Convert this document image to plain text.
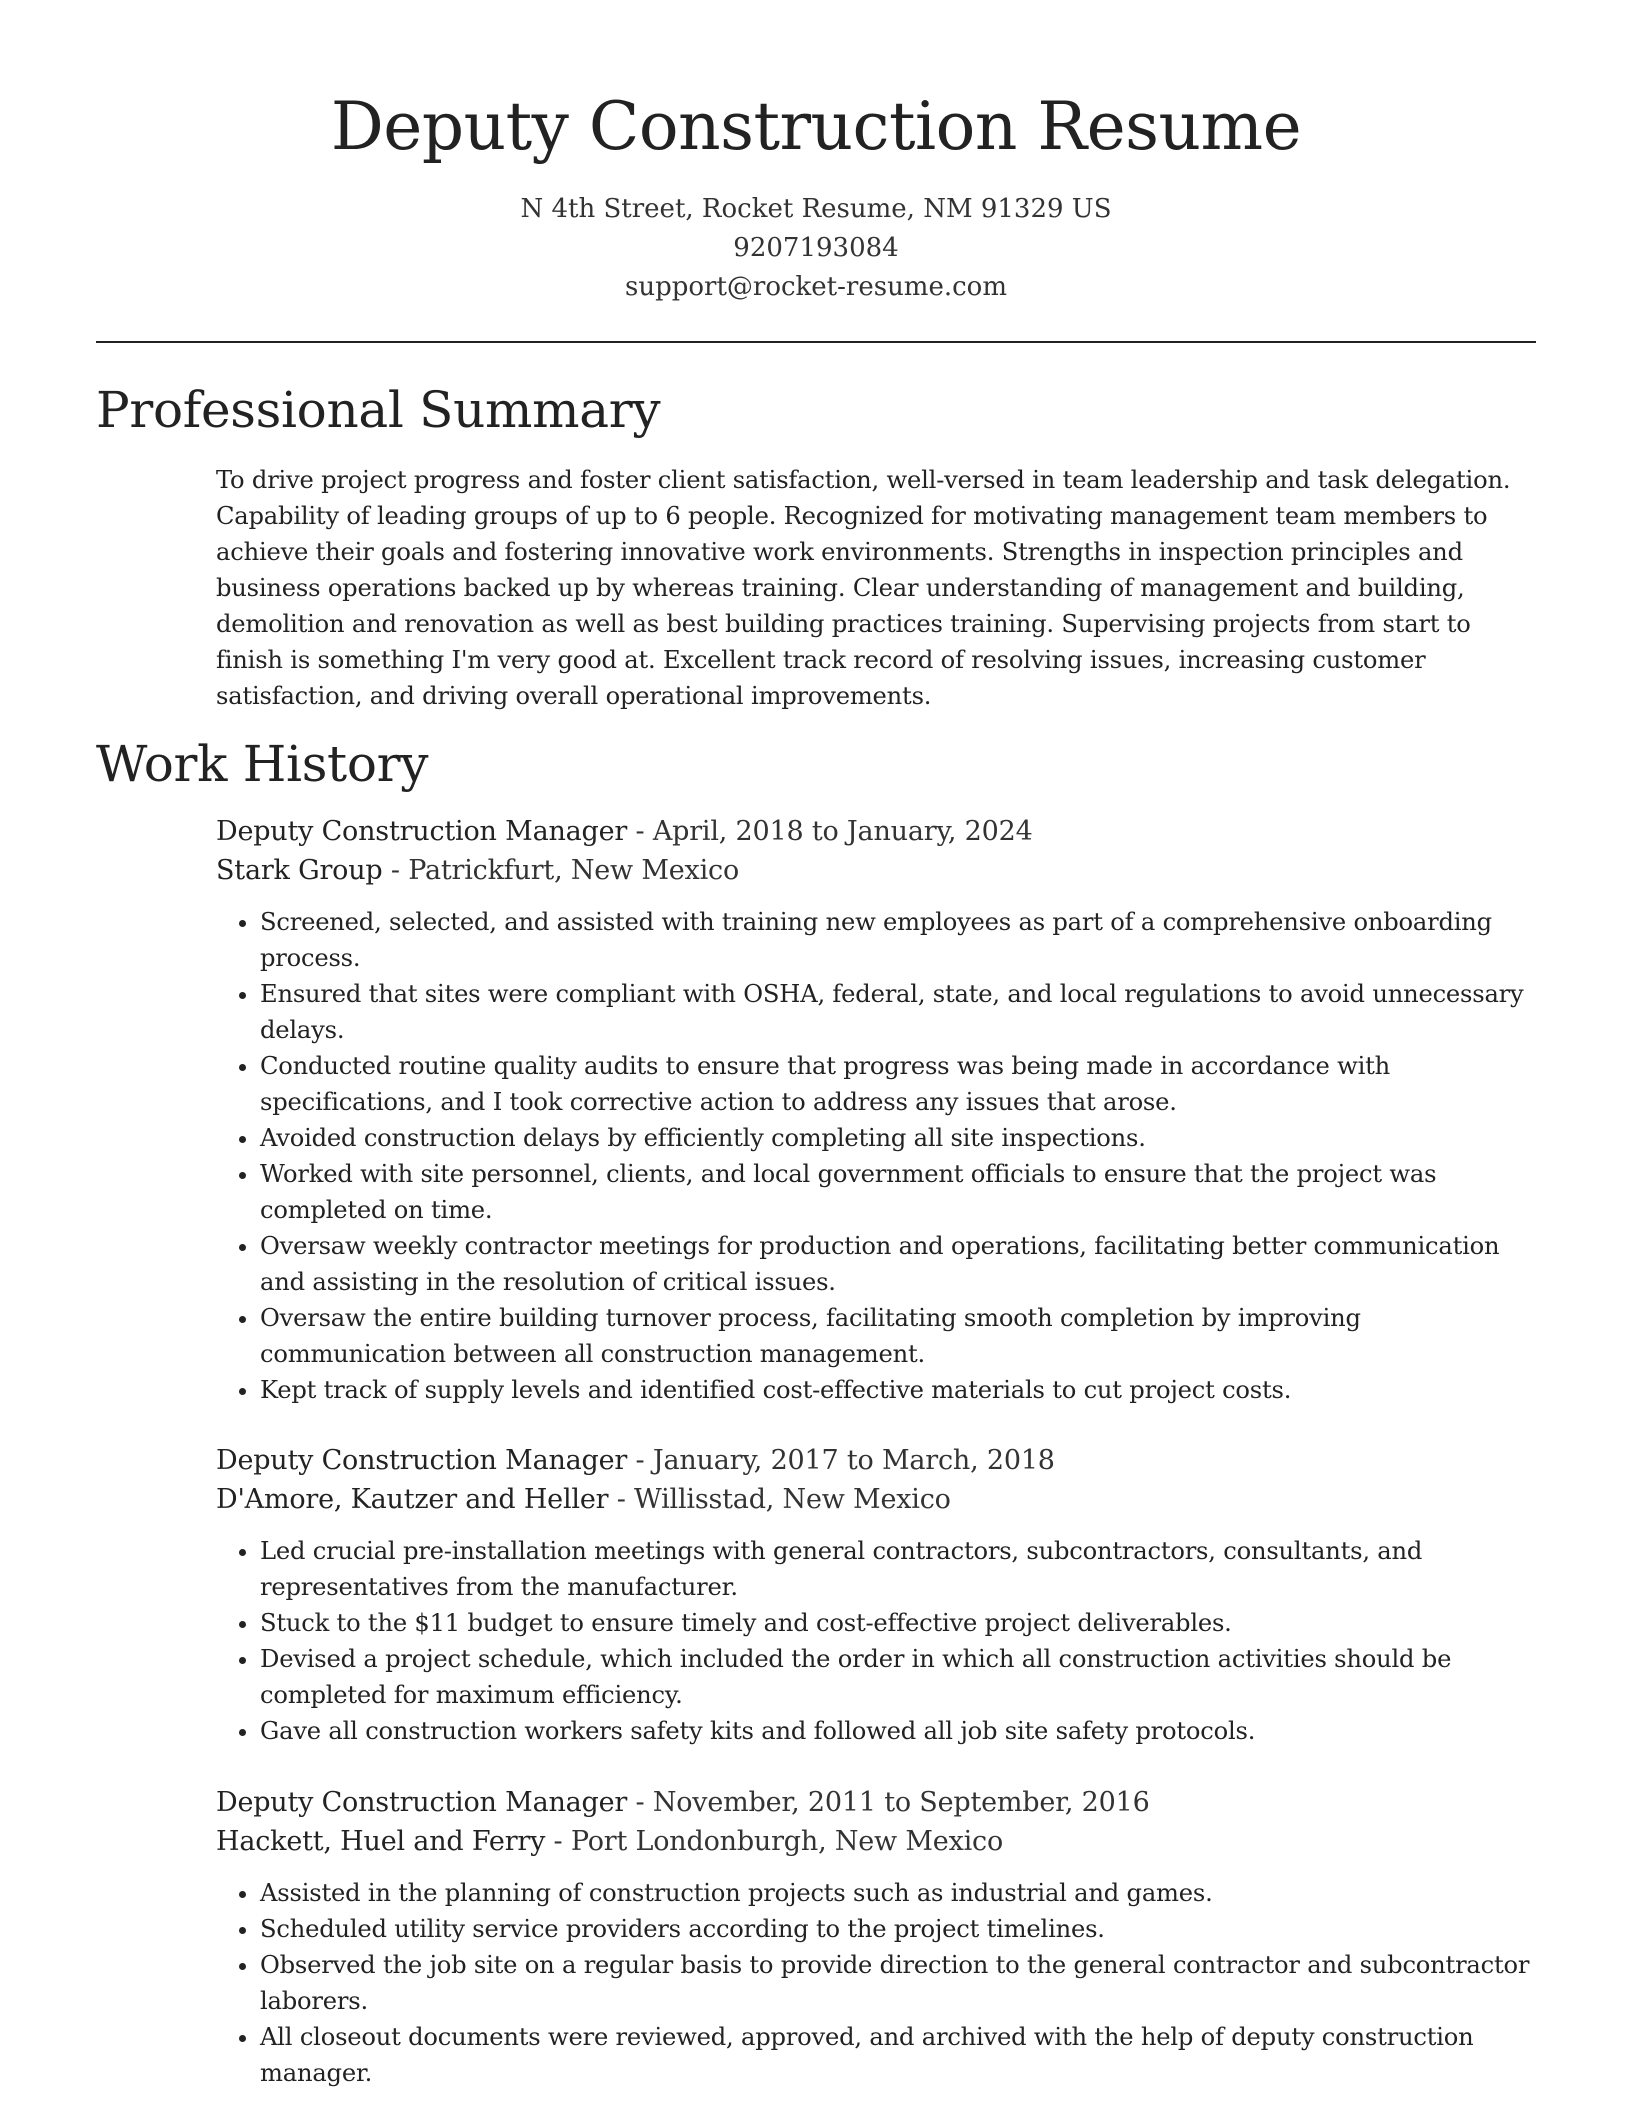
Deputy Construction Resume
N 4th Street, Rocket Resume, NM 91329 US
9207193084
support@rocket-resume.com
Professional Summary

To drive project progress and foster client satisfaction, well-versed in team leadership and task delegation. Capability of leading groups of up to 6 people. Recognized for motivating management team members to achieve their goals and fostering innovative work environments. Strengths in inspection principles and business operations backed up by whereas training. Clear understanding of management and building, demolition and renovation as well as best building practices training. Supervising projects from start to finish is something I'm very good at. Excellent track record of resolving issues, increasing customer satisfaction, and driving overall operational improvements.

Work History
Deputy Construction Manager - April, 2018 to January, 2024
Stark Group - Patrickfurt, New Mexico
• Screened, selected, and assisted with training new employees as part of a comprehensive onboarding process.
• Ensured that sites were compliant with OSHA, federal, state, and local regulations to avoid unnecessary delays.
• Conducted routine quality audits to ensure that progress was being made in accordance with specifications, and I took corrective action to address any issues that arose.
• Avoided construction delays by efficiently completing all site inspections.
• Worked with site personnel, clients, and local government officials to ensure that the project was completed on time.
• Oversaw weekly contractor meetings for production and operations, facilitating better communication and assisting in the resolution of critical issues.
• Oversaw the entire building turnover process, facilitating smooth completion by improving communication between all construction management.
• Kept track of supply levels and identified cost-effective materials to cut project costs.
Deputy Construction Manager - January, 2017 to March, 2018
D'Amore, Kautzer and Heller - Willisstad, New Mexico
• Led crucial pre-installation meetings with general contractors, subcontractors, consultants, and representatives from the manufacturer.
• Stuck to the $11 budget to ensure timely and cost-effective project deliverables.
• Devised a project schedule, which included the order in which all construction activities should be completed for maximum efficiency.
• Gave all construction workers safety kits and followed all job site safety protocols.
Deputy Construction Manager - November, 2011 to September, 2016
Hackett, Huel and Ferry - Port Londonburgh, New Mexico
• Assisted in the planning of construction projects such as industrial and games.
• Scheduled utility service providers according to the project timelines.
• Observed the job site on a regular basis to provide direction to the general contractor and subcontractor laborers.
• All closeout documents were reviewed, approved, and archived with the help of deputy construction manager.
